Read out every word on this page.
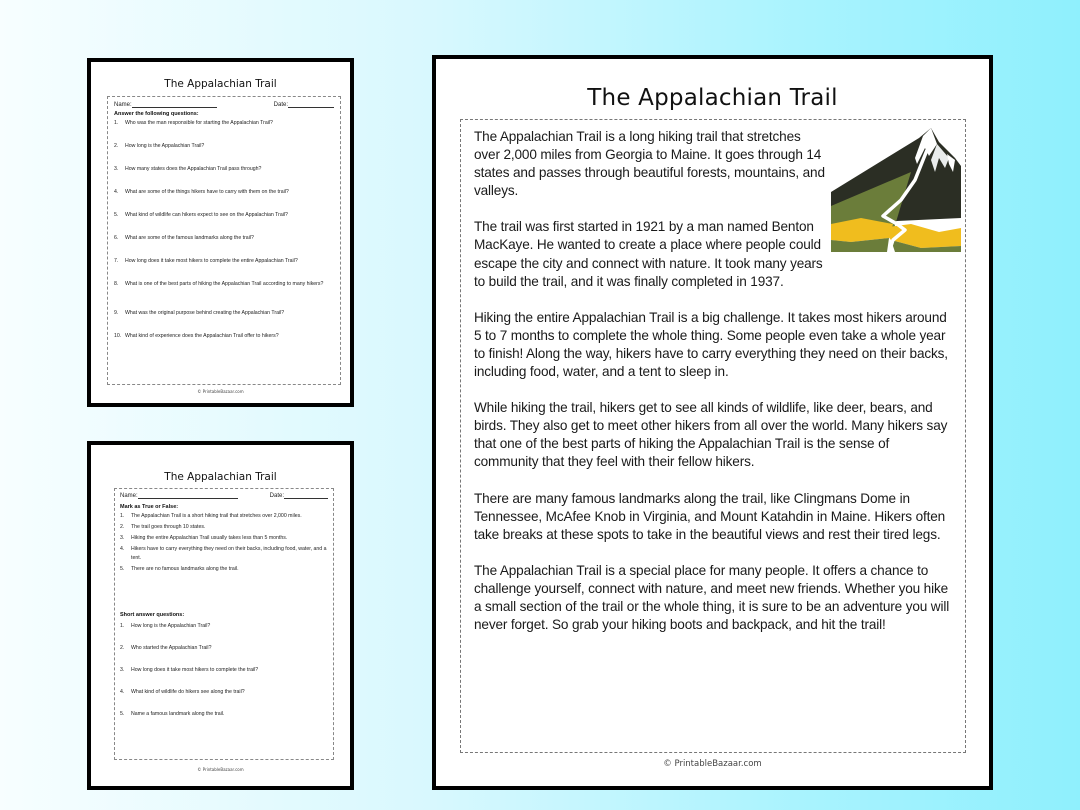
The Appalachian Trail
Name:	Date:
Answer the following questions:
1.	Who was the man responsible for starting the Appalachian Trail?
2.	How long is the Appalachian Trail?
3.	How many states does the Appalachian Trail pass through?
4.	What are some of the things hikers have to carry with them on the trail?
5.	What kind of wildlife can hikers expect to see on the Appalachian Trail?
6.	What are some of the famous landmarks along the trail?
7.	How long does it take most hikers to complete the entire Appalachian Trail?
8.	What is one of the best parts of hiking the Appalachian Trail according to many hikers?
9.	What was the original purpose behind creating the Appalachian Trail?
10. What kind of experience does the Appalachian Trail offer to hikers?
© PrintableBazaar.com
The Appalachian Trail
Name:	Date:
Mark as True or False:
1.	The Appalachian Trail is a short hiking trail that stretches over 2,000 miles.
2.	The trail goes through 10 states.
3.	Hiking the entire Appalachian Trail usually takes less than 5 months.
4.	Hikers have to carry everything they need on their backs, including food, water, and a tent.
5.	There are no famous landmarks along the trail.
Short answer questions:
1.	How long is the Appalachian Trail?
2.	Who started the Appalachian Trail?
3.	How long does it take most hikers to complete the trail?
4.	What kind of wildlife do hikers see along the trail?
5.	Name a famous landmark along the trail.
© PrintableBazaar.com
The Appalachian Trail

The Appalachian Trail is a long hiking trail that stretches over 2,000 miles from Georgia to Maine. It goes through 14 states and passes through beautiful forests, mountains, and valleys.

The trail was first started in 1921 by a man named Benton MacKaye. He wanted to create a place where people could escape the city and connect with nature. It took many years to build the trail, and it was finally completed in 1937.

Hiking the entire Appalachian Trail is a big challenge. It takes most hikers around 5 to 7 months to complete the whole thing. Some people even take a whole year to finish! Along the way, hikers have to carry everything they need on their backs, including food, water, and a tent to sleep in.

While hiking the trail, hikers get to see all kinds of wildlife, like deer, bears, and birds. They also get to meet other hikers from all over the world. Many hikers say that one of the best parts of hiking the Appalachian Trail is the sense of community that they feel with their fellow hikers.

There are many famous landmarks along the trail, like Clingmans Dome in Tennessee, McAfee Knob in Virginia, and Mount Katahdin in Maine. Hikers often take breaks at these spots to take in the beautiful views and rest their tired legs.

The Appalachian Trail is a special place for many people. It offers a chance to challenge yourself, connect with nature, and meet new friends. Whether you hike a small section of the trail or the whole thing, it is sure to be an adventure you will never forget. So grab your hiking boots and backpack, and hit the trail!

© PrintableBazaar.com
